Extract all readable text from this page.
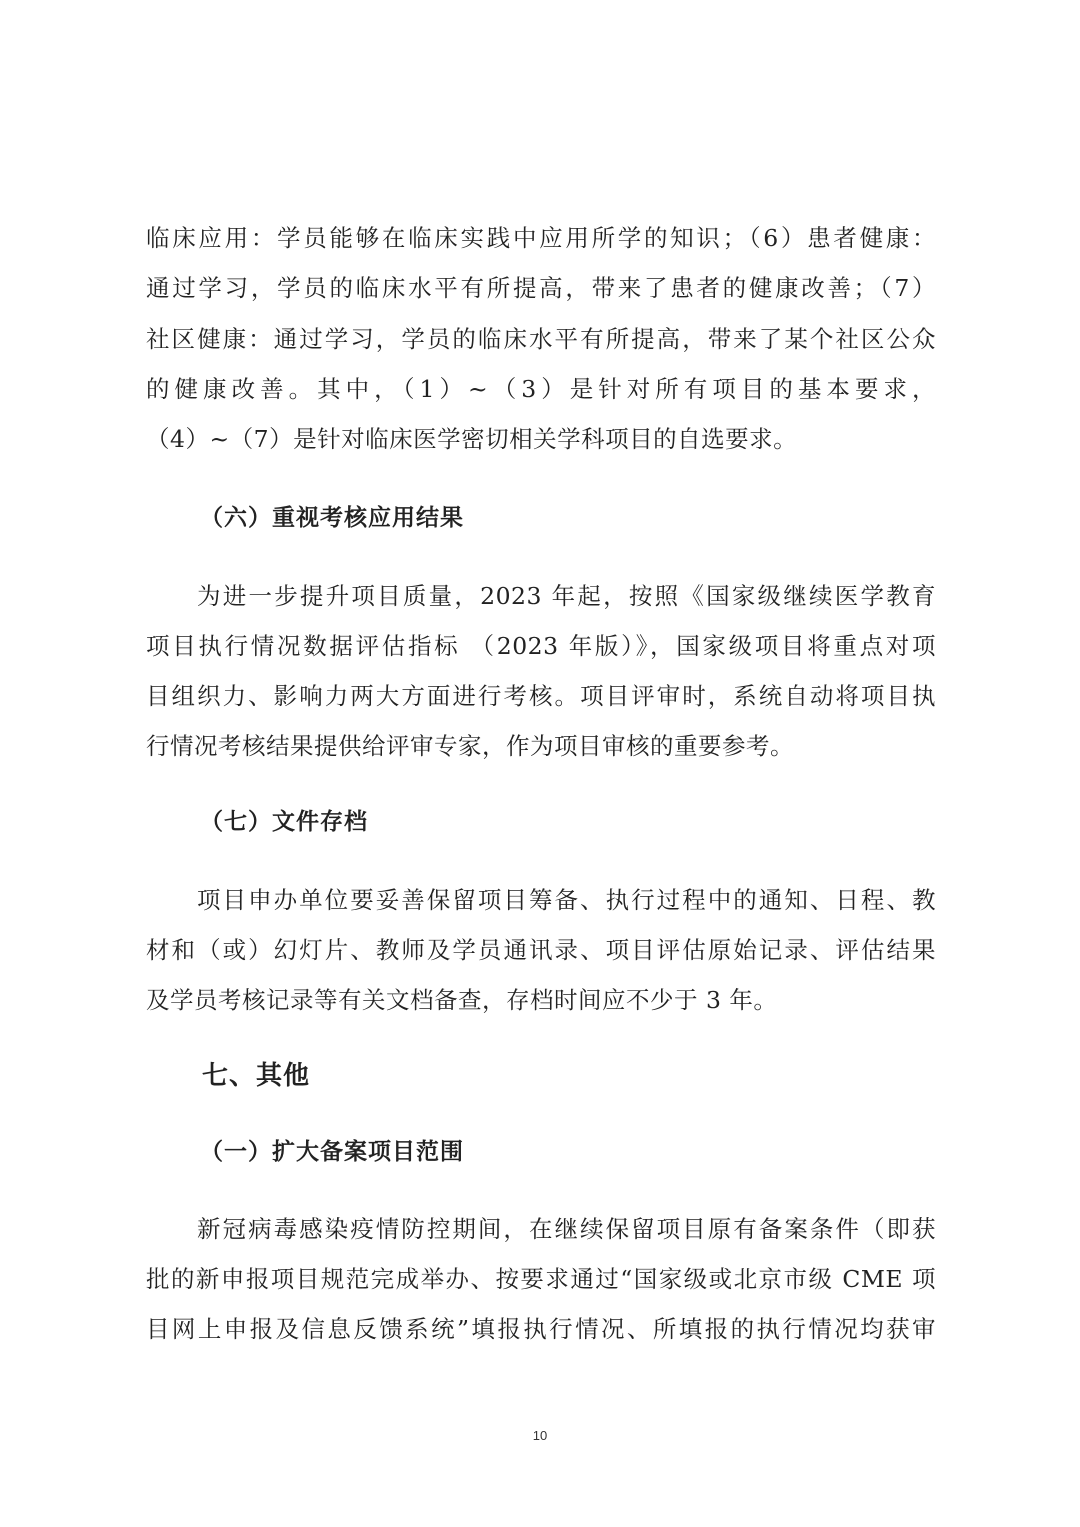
临床应用：学员能够在临床实践中应用所学的知识；（6）患者健康：
通过学习，学员的临床水平有所提高，带来了患者的健康改善；（7）
社区健康：通过学习，学员的临床水平有所提高，带来了某个社区公众
的健康改善。其中，（1）~（3）是针对所有项目的基本要求，
（4）~（7）是针对临床医学密切相关学科项目的自选要求。
（六）重视考核应用结果
为进一步提升项目质量，2023 年起，按照《国家级继续医学教育
项目执行情况数据评估指标 （2023 年版）》，国家级项目将重点对项
目组织力、影响力两大方面进行考核。项目评审时，系统自动将项目执
行情况考核结果提供给评审专家，作为项目审核的重要参考。
（七）文件存档
项目申办单位要妥善保留项目筹备、执行过程中的通知、日程、教
材和（或）幻灯片、教师及学员通讯录、项目评估原始记录、评估结果
及学员考核记录等有关文档备查，存档时间应不少于 3 年。
七、其他
（一）扩大备案项目范围
新冠病毒感染疫情防控期间，在继续保留项目原有备案条件（即获
批的新申报项目规范完成举办、按要求通过“国家级或北京市级 CME 项
目网上申报及信息反馈系统”填报执行情况、所填报的执行情况均获审
10
